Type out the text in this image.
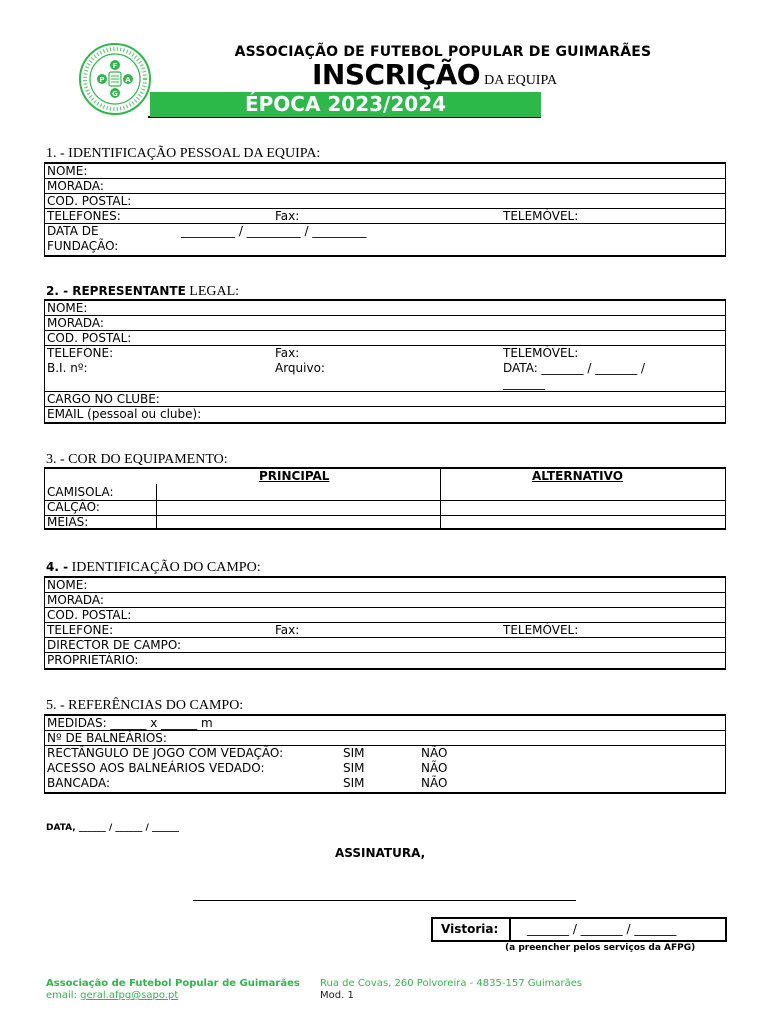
F
P	A
G
ASSOCIAÇÃO DE FUTEBOL POPULAR DE GUIMARÃES
INSCRIÇÃO DA EQUIPA
ÉPOCA 2023/2024
1. - IDENTIFICAÇÃO PESSOAL DA EQUIPA:
NOME:
MORADA:
COD. POSTAL:
TELEFONES:	Fax:	TELEMÓVEL:
DATA DE
FUNDAÇÃO:
_________ / _________ / _________
2. - REPRESENTANTE LEGAL:
NOME:
MORADA:
COD. POSTAL:
TELEFONE:	Fax:	TELEMÓVEL:
B.I. nº:	Arquivo:	DATA: _______ / _______ /
_______
CARGO NO CLUBE:
EMAIL (pessoal ou clube):
3. - COR DO EQUIPAMENTO:
PRINCIPAL	ALTERNATIVO
CAMISOLA:
CALÇÃO:
MEIAS:
4. - IDENTIFICAÇÃO DO CAMPO:
NOME:
MORADA:
COD. POSTAL:
TELEFONE:	Fax:	TELEMÓVEL:
DIRECTOR DE CAMPO:
PROPRIETÁRIO:
5. - REFERÊNCIAS DO CAMPO:
MEDIDAS: ______ x ______ m
Nº DE BALNEÁRIOS:
RECTÂNGULO DE JOGO COM VEDAÇÃO:	SIM	NÃO
ACESSO AOS BALNEÁRIOS VEDADO:	SIM	NÃO
BANCADA:	SIM	NÃO
DATA, ______ / ______ / ______
ASSINATURA,
Vistoria: _______ / _______ / _______
(a preencher pelos serviços da AFPG)
Associação de Futebol Popular de Guimarães
email: geral.afpg@sapo.pt
Rua de Covas, 260 Polvoreira - 4835-157 Guimarães
Mod. 1
